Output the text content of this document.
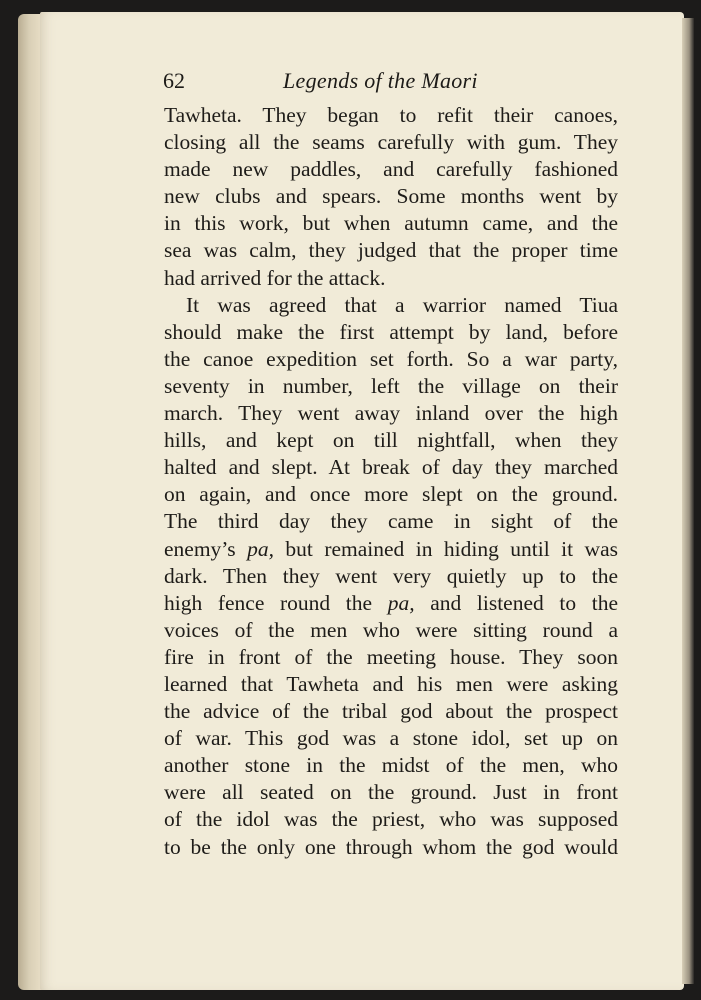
62	Legends of the Maori
Tawheta. They began to refit their canoes,
closing all the seams carefully with gum. They
made new paddles, and carefully fashioned
new clubs and spears. Some months went by
in this work, but when autumn came, and the
sea was calm, they judged that the proper time
had arrived for the attack.
It was agreed that a warrior named Tiua
should make the first attempt by land, before
the canoe expedition set forth. So a war party,
seventy in number, left the village on their
march. They went away inland over the high
hills, and kept on till nightfall, when they
halted and slept. At break of day they marched
on again, and once more slept on the ground.
The third day they came in sight of the
enemy’s pa, but remained in hiding until it was
dark. Then they went very quietly up to the
high fence round the pa, and listened to the
voices of the men who were sitting round a
fire in front of the meeting house. They soon
learned that Tawheta and his men were asking
the advice of the tribal god about the prospect
of war. This god was a stone idol, set up on
another stone in the midst of the men, who
were all seated on the ground. Just in front
of the idol was the priest, who was supposed
to be the only one through whom the god would
